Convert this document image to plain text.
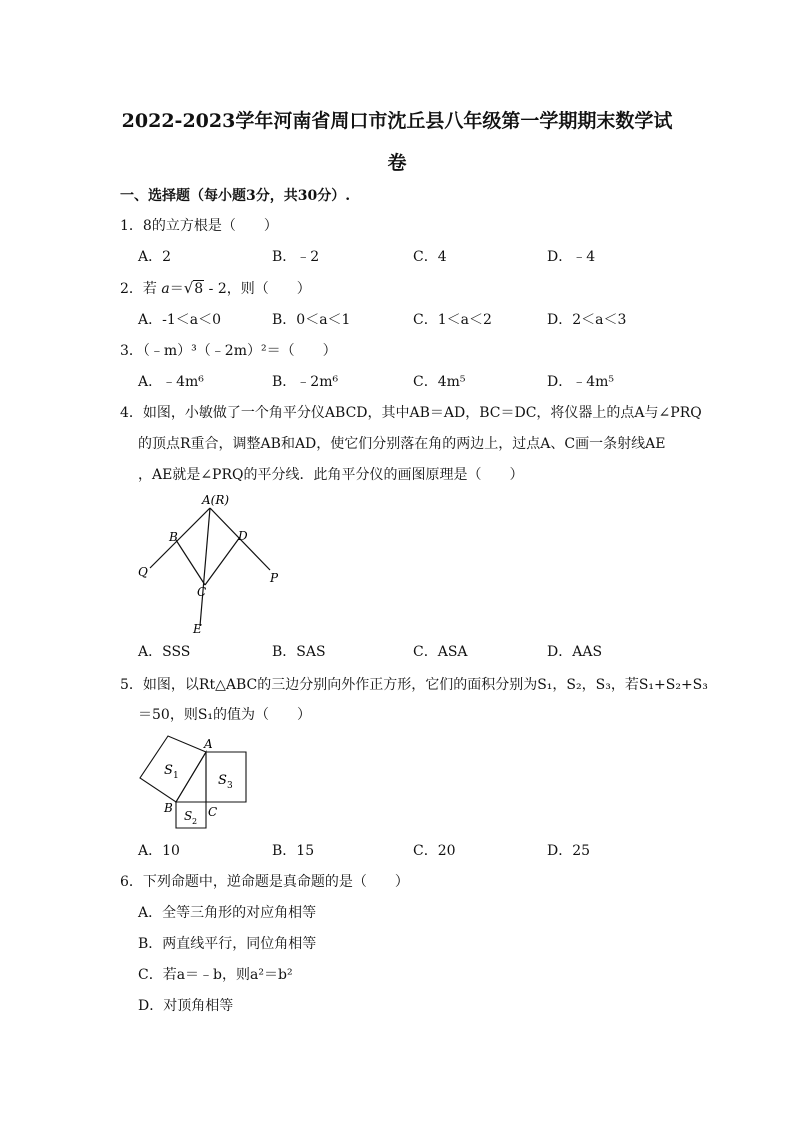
2022-2023学年河南省周口市沈丘县八年级第一学期期末数学试
卷
一、选择题（每小题3分，共30分）.
1．8的立方根是（　　）
A．2	B．﹣2	C．4	D．﹣4
2．若 a＝√8 - 2，则（　　）
A．-1＜a＜0	B．0＜a＜1	C．1＜a＜2	D．2＜a＜3
3．（﹣m）³（﹣2m）²＝（　　）
A．﹣4m⁶	B．﹣2m⁶	C．4m⁵	D．﹣4m⁵
4．如图，小敏做了一个角平分仪ABCD，其中AB＝AD，BC＝DC，将仪器上的点A与∠PRQ
的顶点R重合，调整AB和AD，使它们分别落在角的两边上，过点A、C画一条射线AE
，AE就是∠PRQ的平分线．此角平分仪的画图原理是（　　）
A(R)
B	D
Q	P
C
E
A．SSS	B．SAS	C．ASA	D．AAS
5．如图，以Rt△ABC的三边分别向外作正方形，它们的面积分别为S₁，S₂，S₃，若S₁+S₂+S₃
＝50，则S₁的值为（　　）
A
B	C
S 1	S 3
S 2
A．10	B．15	C．20	D．25
6．下列命题中，逆命题是真命题的是（　　）
A．全等三角形的对应角相等
B．两直线平行，同位角相等
C．若a＝﹣b，则a²＝b²
D．对顶角相等
